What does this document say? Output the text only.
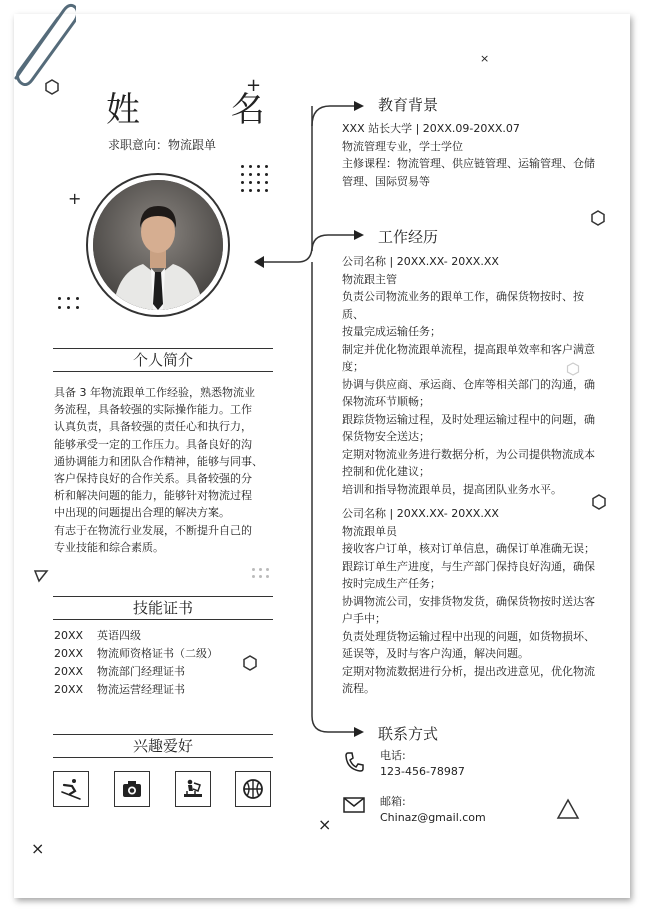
+
+
×
×
×
姓 名
求职意向：物流跟单
个人简介
具备 3 年物流跟单工作经验，熟悉物流业
务流程，具备较强的实际操作能力。工作
认真负责，具备较强的责任心和执行力，
能够承受一定的工作压力。具备良好的沟
通协调能力和团队合作精神，能够与同事、
客户保持良好的合作关系。具备较强的分
析和解决问题的能力，能够针对物流过程
中出现的问题提出合理的解决方案。
有志于在物流行业发展，不断提升自己的
专业技能和综合素质。
技能证书
20XX 英语四级
20XX 物流师资格证书（二级）
20XX 物流部门经理证书
20XX 物流运营经理证书
兴趣爱好
教育背景
XXX 站长大学 | 20XX.09-20XX.07
物流管理专业，学士学位
主修课程：物流管理、供应链管理、运输管理、仓储
管理、国际贸易等
工作经历
公司名称 | 20XX.XX- 20XX.XX
物流跟主管
负责公司物流业务的跟单工作，确保货物按时、按质、
按量完成运输任务；
制定并优化物流跟单流程，提高跟单效率和客户满意
度；
协调与供应商、承运商、仓库等相关部门的沟通，确
保物流环节顺畅；
跟踪货物运输过程，及时处理运输过程中的问题，确
保货物安全送达；
定期对物流业务进行数据分析，为公司提供物流成本
控制和优化建议；
培训和指导物流跟单员，提高团队业务水平。
公司名称 | 20XX.XX- 20XX.XX
物流跟单员
接收客户订单，核对订单信息，确保订单准确无误；
跟踪订单生产进度，与生产部门保持良好沟通，确保
按时完成生产任务；
协调物流公司，安排货物发货，确保货物按时送达客
户手中；
负责处理货物运输过程中出现的问题，如货物损坏、
延误等，及时与客户沟通，解决问题。
定期对物流数据进行分析，提出改进意见，优化物流
流程。
联系方式
电话:
123-456-78987
邮箱:
Chinaz@gmail.com
